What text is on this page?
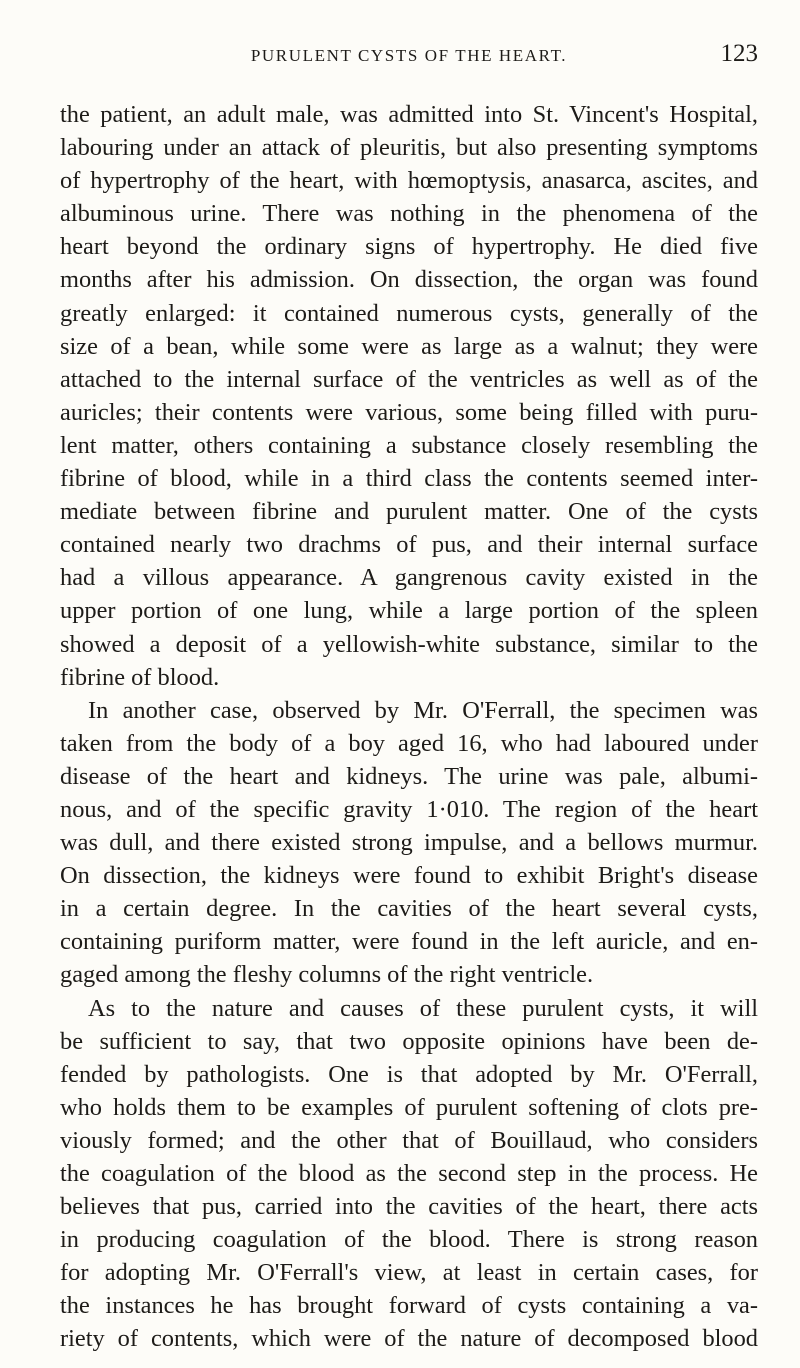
PURULENT CYSTS OF THE HEART.	123
the patient, an adult male, was admitted into St. Vincent's Hospital,
labouring under an attack of pleuritis, but also presenting symptoms
of hypertrophy of the heart, with hœmoptysis, anasarca, ascites, and
albuminous urine. There was nothing in the phenomena of the
heart beyond the ordinary signs of hypertrophy. He died five
months after his admission. On dissection, the organ was found
greatly enlarged: it contained numerous cysts, generally of the
size of a bean, while some were as large as a walnut; they were
attached to the internal surface of the ventricles as well as of the
auricles; their contents were various, some being filled with puru-
lent matter, others containing a substance closely resembling the
fibrine of blood, while in a third class the contents seemed inter-
mediate between fibrine and purulent matter. One of the cysts
contained nearly two drachms of pus, and their internal surface
had a villous appearance. A gangrenous cavity existed in the
upper portion of one lung, while a large portion of the spleen
showed a deposit of a yellowish-white substance, similar to the
fibrine of blood.
In another case, observed by Mr. O'Ferrall, the specimen was
taken from the body of a boy aged 16, who had laboured under
disease of the heart and kidneys. The urine was pale, albumi-
nous, and of the specific gravity 1·010. The region of the heart
was dull, and there existed strong impulse, and a bellows murmur.
On dissection, the kidneys were found to exhibit Bright's disease
in a certain degree. In the cavities of the heart several cysts,
containing puriform matter, were found in the left auricle, and en-
gaged among the fleshy columns of the right ventricle.
As to the nature and causes of these purulent cysts, it will
be sufficient to say, that two opposite opinions have been de-
fended by pathologists. One is that adopted by Mr. O'Ferrall,
who holds them to be examples of purulent softening of clots pre-
viously formed; and the other that of Bouillaud, who considers
the coagulation of the blood as the second step in the process. He
believes that pus, carried into the cavities of the heart, there acts
in producing coagulation of the blood. There is strong reason
for adopting Mr. O'Ferrall's view, at least in certain cases, for
the instances he has brought forward of cysts containing a va-
riety of contents, which were of the nature of decomposed blood
